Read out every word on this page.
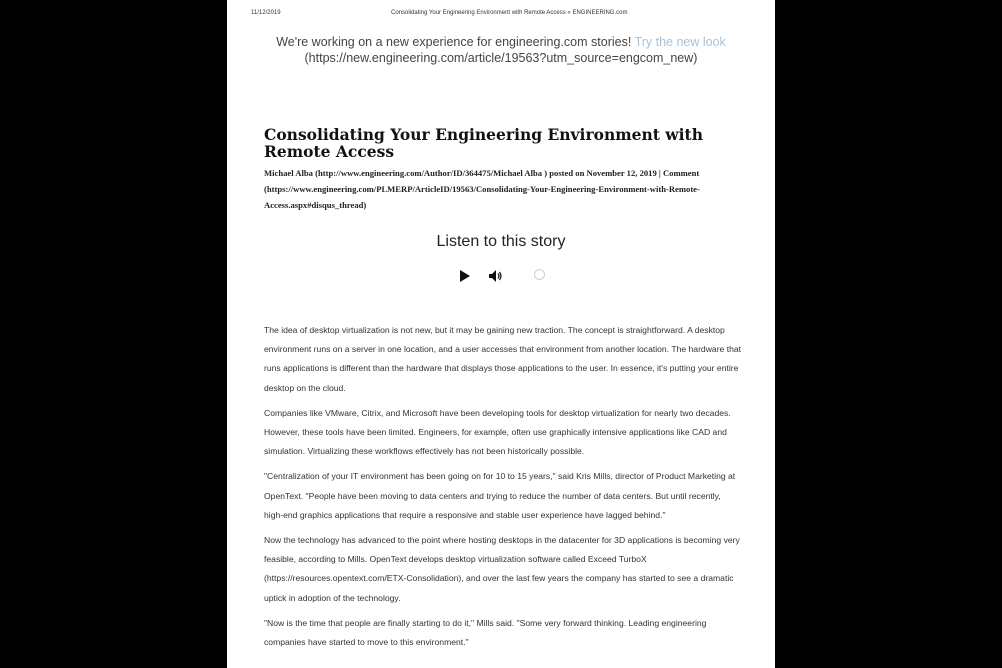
11/12/2019	Consolidating Your Engineering Environment with Remote Access « ENGINEERING.com
We're working on a new experience for engineering.com stories! Try the new look (https://new.engineering.com/article/19563?utm_source=engcom_new)
Consolidating Your Engineering Environment with Remote Access
Michael Alba (http://www.engineering.com/Author/ID/364475/Michael Alba ) posted on November 12, 2019 | Comment (https://www.engineering.com/PLMERP/ArticleID/19563/Consolidating-Your-Engineering-Environment-with-Remote-Access.aspx#disqus_thread)
Listen to this story

The idea of desktop virtualization is not new, but it may be gaining new traction. The concept is straightforward. A desktop environment runs on a server in one location, and a user accesses that environment from another location. The hardware that runs applications is different than the hardware that displays those applications to the user. In essence, it's putting your entire desktop on the cloud.

Companies like VMware, Citrix, and Microsoft have been developing tools for desktop virtualization for nearly two decades. However, these tools have been limited. Engineers, for example, often use graphically intensive applications like CAD and simulation. Virtualizing these workflows effectively has not been historically possible.

"Centralization of your IT environment has been going on for 10 to 15 years," said Kris Mills, director of Product Marketing at OpenText. "People have been moving to data centers and trying to reduce the number of data centers. But until recently, high-end graphics applications that require a responsive and stable user experience have lagged behind."

Now the technology has advanced to the point where hosting desktops in the datacenter for 3D applications is becoming very feasible, according to Mills. OpenText develops desktop virtualization software called Exceed TurboX (https://resources.opentext.com/ETX-Consolidation), and over the last few years the company has started to see a dramatic uptick in adoption of the technology.

"Now is the time that people are finally starting to do it," Mills said. "Some very forward thinking. Leading engineering companies have started to move to this environment."
